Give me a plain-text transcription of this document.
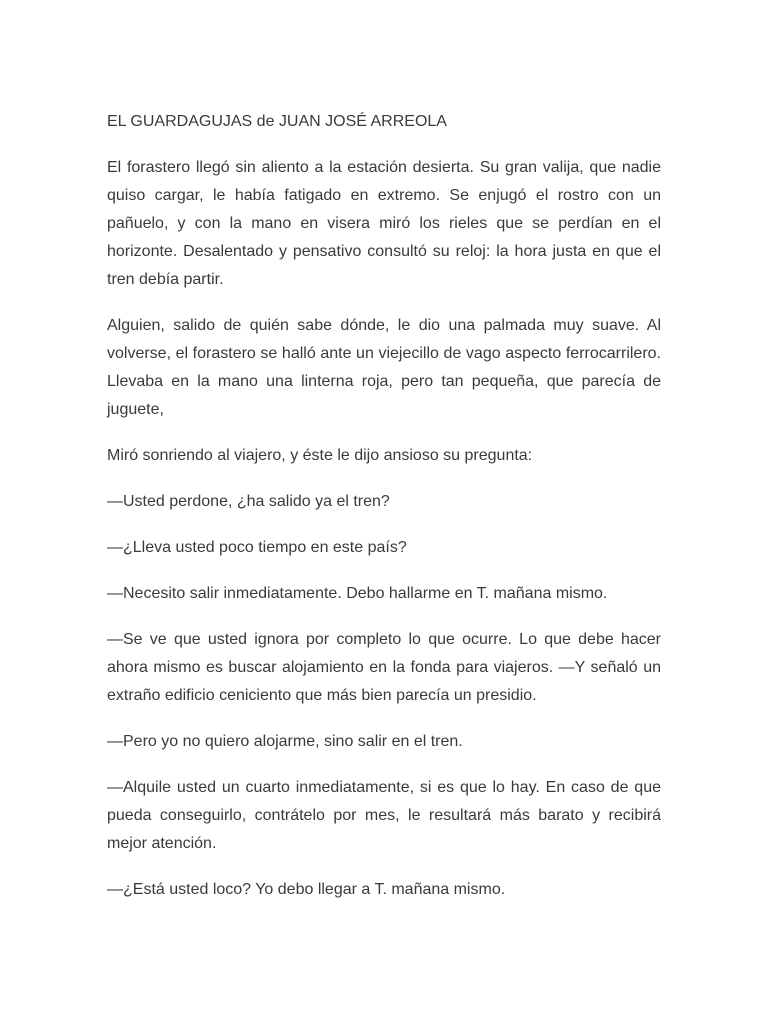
EL GUARDAGUJAS de JUAN JOSÉ ARREOLA

El forastero llegó sin aliento a la estación desierta. Su gran valija, que nadie quiso cargar, le había fatigado en extremo. Se enjugó el rostro con un pañuelo, y con la mano en visera miró los rieles que se perdían en el horizonte. Desalentado y pensativo consultó su reloj: la hora justa en que el tren debía partir.

Alguien, salido de quién sabe dónde, le dio una palmada muy suave. Al volverse, el forastero se halló ante un viejecillo de vago aspecto ferrocarrilero. Llevaba en la mano una linterna roja, pero tan pequeña, que parecía de juguete,

Miró sonriendo al viajero, y éste le dijo ansioso su pregunta:

—Usted perdone, ¿ha salido ya el tren?

—¿Lleva usted poco tiempo en este país?

—Necesito salir inmediatamente. Debo hallarme en T. mañana mismo.

—Se ve que usted ignora por completo lo que ocurre. Lo que debe hacer ahora mismo es buscar alojamiento en la fonda para viajeros. —Y señaló un extraño edificio ceniciento que más bien parecía un presidio.

—Pero yo no quiero alojarme, sino salir en el tren.

—Alquile usted un cuarto inmediatamente, si es que lo hay. En caso de que pueda conseguirlo, contrátelo por mes, le resultará más barato y recibirá mejor atención.

—¿Está usted loco? Yo debo llegar a T. mañana mismo.
